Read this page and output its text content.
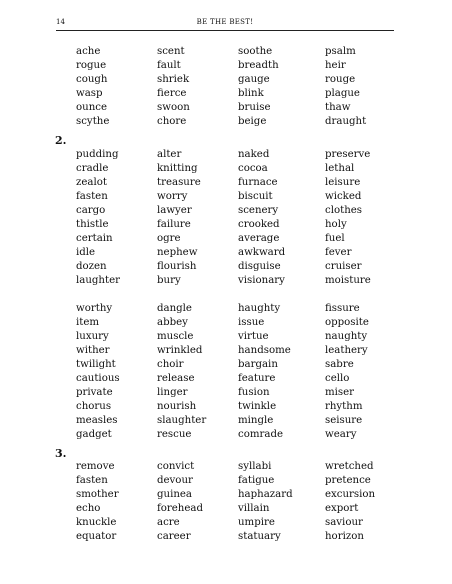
14	BE THE BEST!
ache	scent	soothe	psalm
rogue	fault	breadth	heir
cough	shriek	gauge	rouge
wasp	fierce	blink	plague
ounce	swoon	bruise	thaw
scythe	chore	beige	draught
2.
pudding	alter	naked	preserve
cradle	knitting	cocoa	lethal
zealot	treasure	furnace	leisure
fasten	worry	biscuit	wicked
cargo	lawyer	scenery	clothes
thistle	failure	crooked	holy
certain	ogre	average	fuel
idle	nephew	awkward	fever
dozen	flourish	disguise	cruiser
laughter	bury	visionary	moisture
worthy	dangle	haughty	fissure
item	abbey	issue	opposite
luxury	muscle	virtue	naughty
wither	wrinkled	handsome	leathery
twilight	choir	bargain	sabre
cautious	release	feature	cello
private	linger	fusion	miser
chorus	nourish	twinkle	rhythm
measles	slaughter	mingle	seisure
gadget	rescue	comrade	weary
3.
remove	convict	syllabi	wretched
fasten	devour	fatigue	pretence
smother	guinea	haphazard	excursion
echo	forehead	villain	export
knuckle	acre	umpire	saviour
equator	career	statuary	horizon
